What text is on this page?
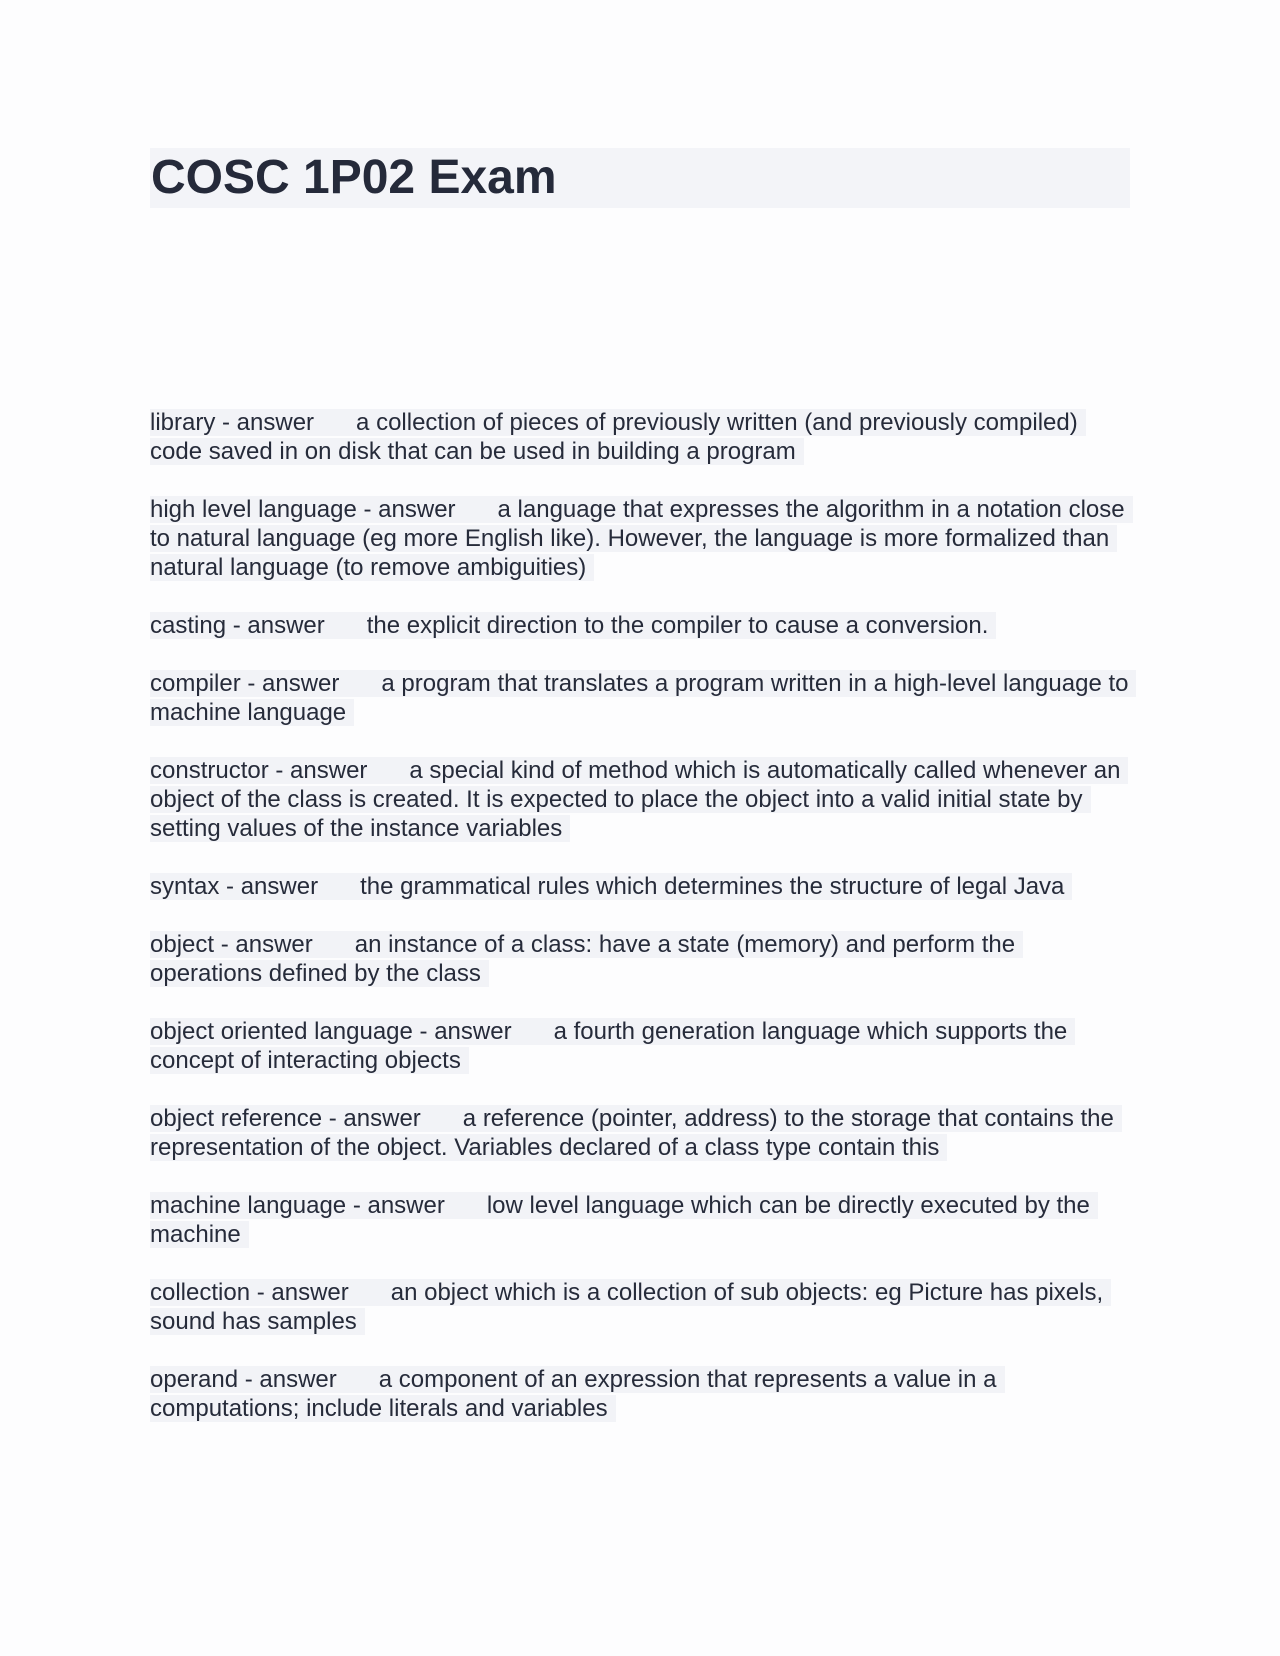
COSC 1P02 Exam

library - answer a collection of pieces of previously written (and previously compiled) code saved in on disk that can be used in building a program

high level language - answer a language that expresses the algorithm in a notation close to natural language (eg more English like). However, the language is more formalized than natural language (to remove ambiguities)

casting - answer the explicit direction to the compiler to cause a conversion.

compiler - answer a program that translates a program written in a high-level language to machine language

constructor - answer a special kind of method which is automatically called whenever an object of the class is created. It is expected to place the object into a valid initial state by setting values of the instance variables

syntax - answer the grammatical rules which determines the structure of legal Java

object - answer an instance of a class: have a state (memory) and perform the operations defined by the class

object oriented language - answer a fourth generation language which supports the concept of interacting objects

object reference - answer a reference (pointer, address) to the storage that contains the representation of the object. Variables declared of a class type contain this

machine language - answer low level language which can be directly executed by the machine

collection - answer an object which is a collection of sub objects: eg Picture has pixels, sound has samples

operand - answer a component of an expression that represents a value in a computations; include literals and variables
